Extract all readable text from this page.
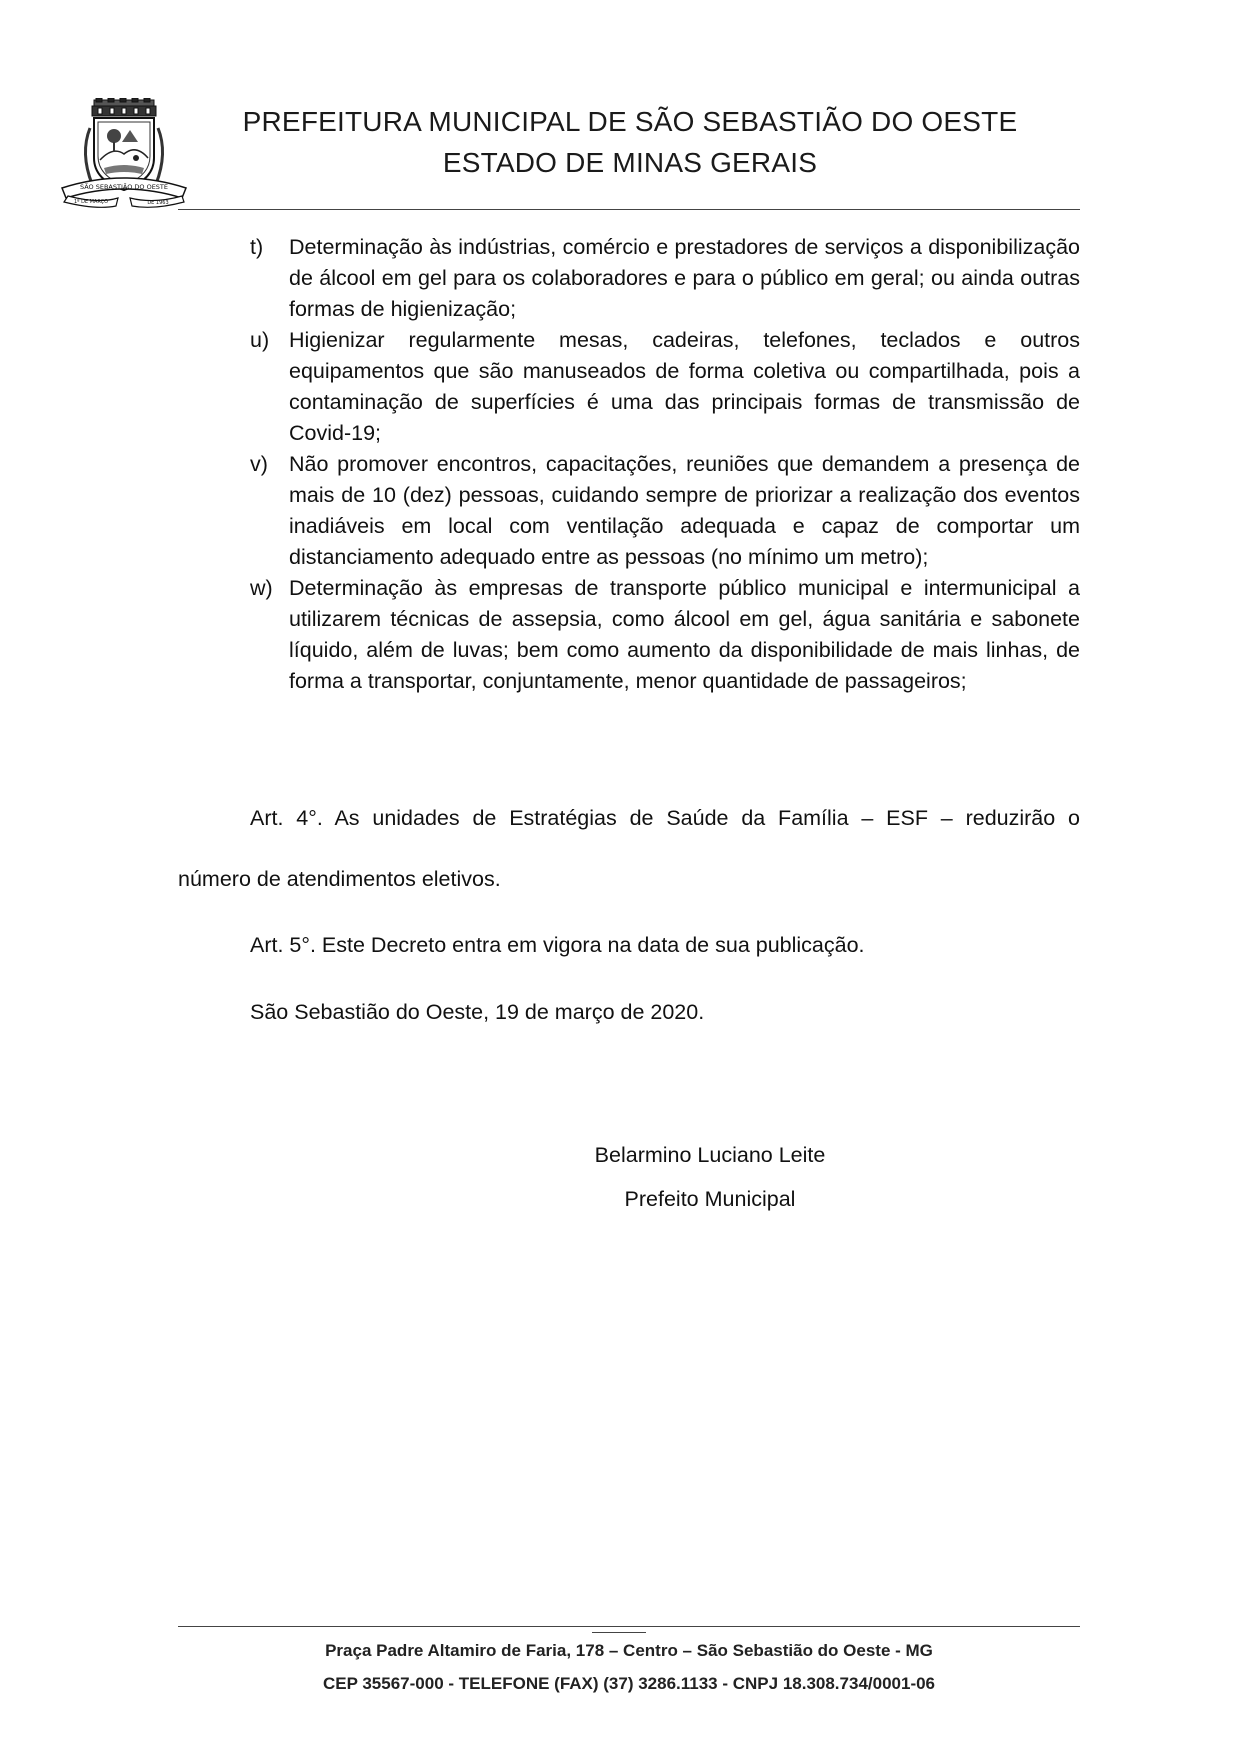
SÃO SEBASTIÃO DO OESTE
1º DE MARÇO	DE 1963
PREFEITURA MUNICIPAL DE SÃO SEBASTIÃO DO OESTE
ESTADO DE MINAS GERAIS
t)	Determinação às indústrias, comércio e prestadores de serviços a disponibilização de álcool em gel para os colaboradores e para o público em geral; ou ainda outras formas de higienização;
u) Higienizar regularmente mesas, cadeiras, telefones, teclados e outros equipamentos que são manuseados de forma coletiva ou compartilhada, pois a contaminação de superfícies é uma das principais formas de transmissão de Covid-19;
v) Não promover encontros, capacitações, reuniões que demandem a presença de mais de 10 (dez) pessoas, cuidando sempre de priorizar a realização dos eventos inadiáveis em local com ventilação adequada e capaz de comportar um distanciamento adequado entre as pessoas (no mínimo um metro);
w) Determinação às empresas de transporte público municipal e intermunicipal a utilizarem técnicas de assepsia, como álcool em gel, água sanitária e sabonete líquido, além de luvas; bem como aumento da disponibilidade de mais linhas, de forma a transportar, conjuntamente, menor quantidade de passageiros;
Art. 4°. As unidades de Estratégias de Saúde da Família – ESF – reduzirão o
número de atendimentos eletivos.
Art. 5°. Este Decreto entra em vigora na data de sua publicação.
São Sebastião do Oeste, 19 de março de 2020.
Belarmino Luciano Leite
Prefeito Municipal
Praça Padre Altamiro de Faria, 178 – Centro – São Sebastião do Oeste - MG
CEP 35567-000 - TELEFONE (FAX) (37) 3286.1133 - CNPJ 18.308.734/0001-06
